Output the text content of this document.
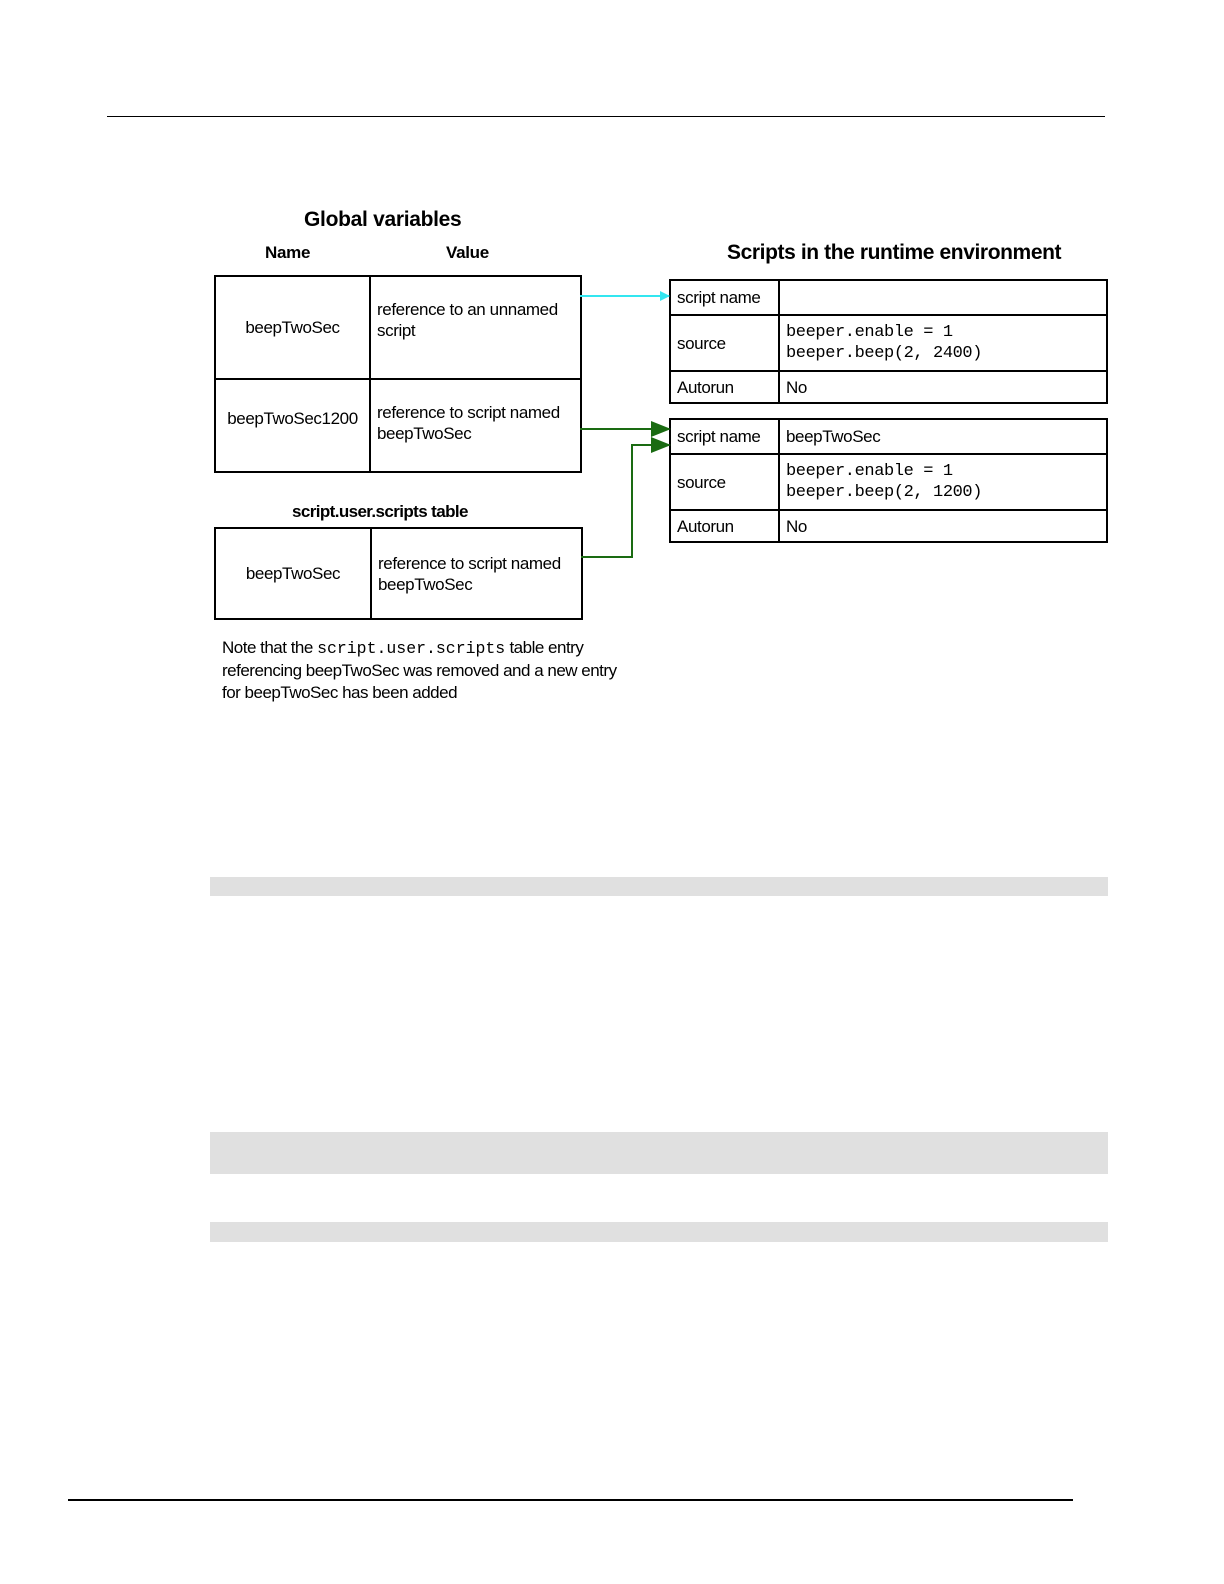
Global variables
Name	Value
beepTwoSec	reference to an unnamed script
beepTwoSec1200	reference to script named beepTwoSec
script.user.scripts table
beepTwoSec	reference to script named beepTwoSec
Note that the script.user.scripts table entry referencing beepTwoSec was removed and a new entry for beepTwoSec has been added
Scripts in the runtime environment
script name	
source	beeper.enable = 1
beeper.beep(2, 2400)

Autorun	No
script name	beepTwoSec
source	beeper.enable = 1
beeper.beep(2, 1200)

Autorun	No
